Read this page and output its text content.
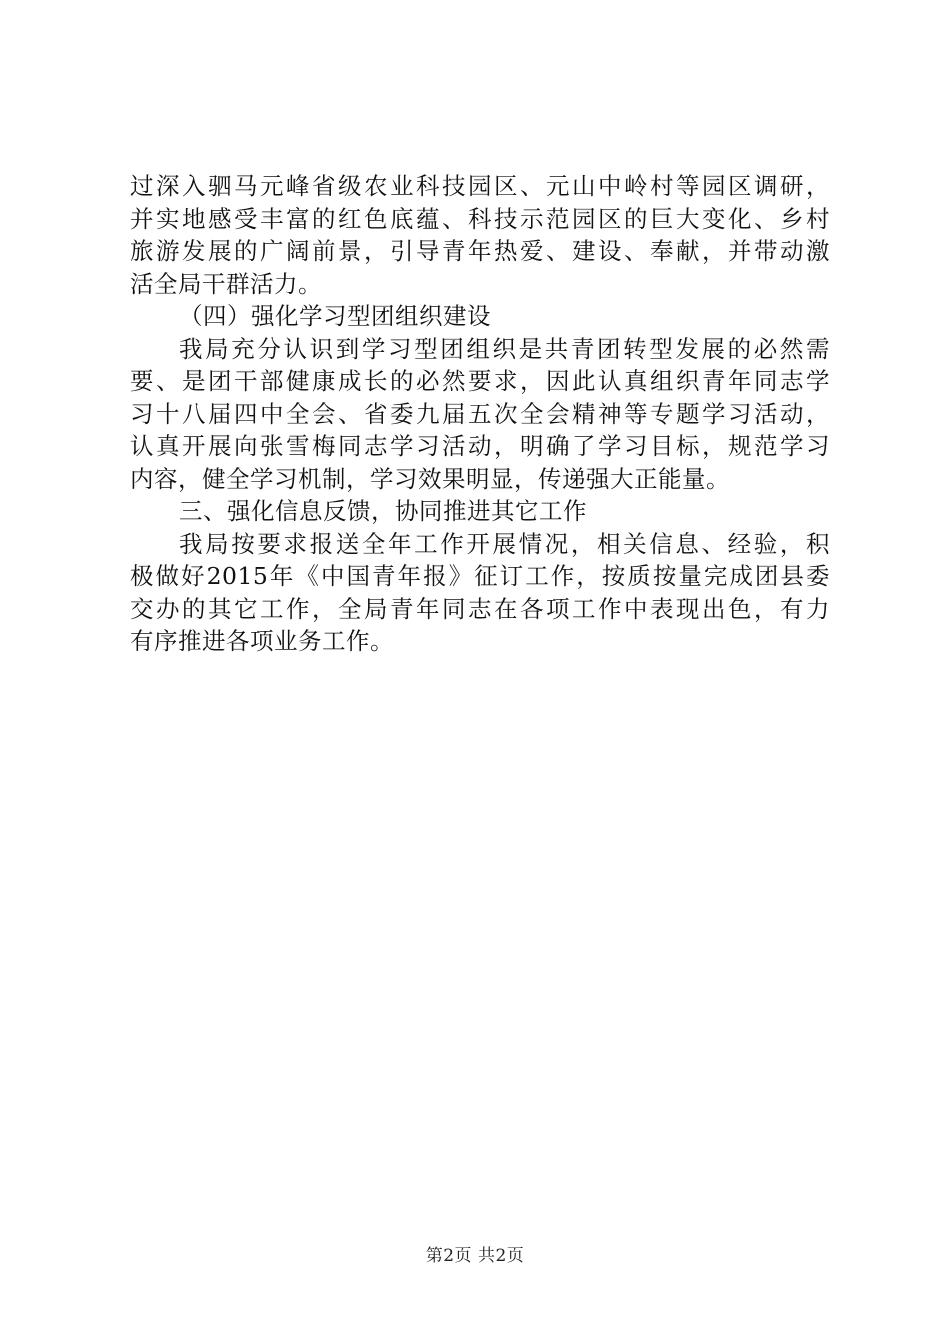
过深入驷马元峰省级农业科技园区、元山中岭村等园区调研，
并实地感受丰富的红色底蕴、科技示范园区的巨大变化、乡村
旅游发展的广阔前景，引导青年热爱、建设、奉献，并带动激
活全局干群活力。
（四）强化学习型团组织建设
我局充分认识到学习型团组织是共青团转型发展的必然需
要、是团干部健康成长的必然要求，因此认真组织青年同志学
习十八届四中全会、省委九届五次全会精神等专题学习活动，
认真开展向张雪梅同志学习活动，明确了学习目标，规范学习
内容，健全学习机制，学习效果明显，传递强大正能量。
三、强化信息反馈，协同推进其它工作
我局按要求报送全年工作开展情况，相关信息、经验，积
极做好2015年《中国青年报》征订工作，按质按量完成团县委
交办的其它工作，全局青年同志在各项工作中表现出色，有力
有序推进各项业务工作。
第2页 共2页
